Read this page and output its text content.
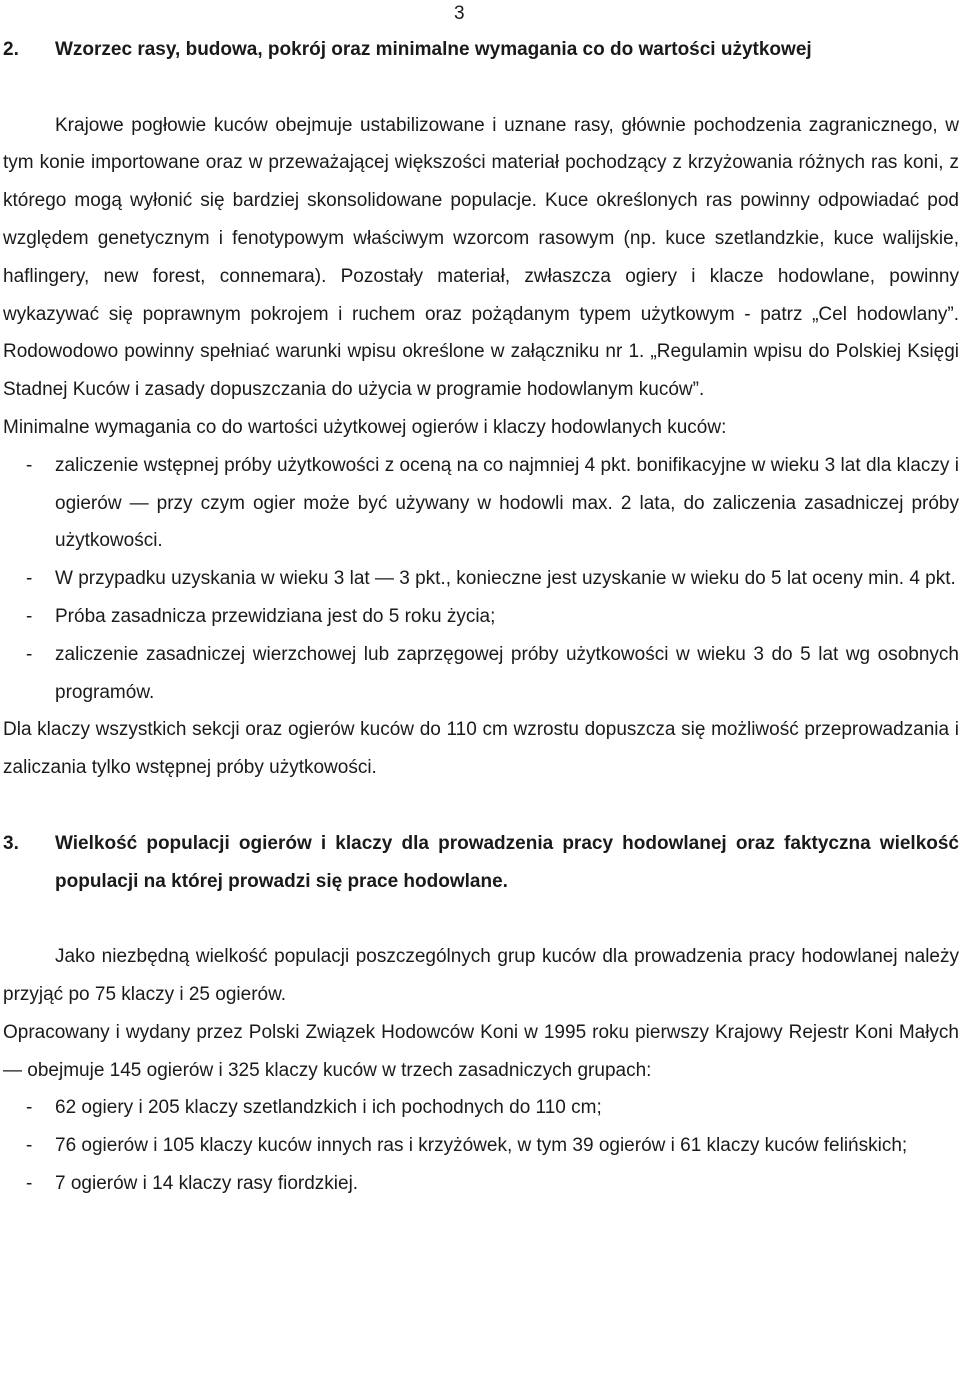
3
2.	Wzorzec rasy, budowa, pokrój oraz minimalne wymagania co do wartości użytkowej

Krajowe pogłowie kuców obejmuje ustabilizowane i uznane rasy, głównie pochodzenia zagranicznego, w tym konie importowane oraz w przeważającej większości materiał pochodzący z krzyżowania różnych ras koni, z którego mogą wyłonić się bardziej skonsolidowane populacje. Kuce określonych ras powinny odpowiadać pod względem genetycznym i fenotypowym właściwym wzorcom rasowym (np. kuce szetlandzkie, kuce walijskie, haflingery, new forest, connemara). Pozostały materiał, zwłaszcza ogiery i klacze hodowlane, powinny wykazywać się poprawnym pokrojem i ruchem oraz pożądanym typem użytkowym - patrz „Cel hodowlany”. Rodowodowo powinny spełniać warunki wpisu określone w załączniku nr 1. „Regulamin wpisu do Polskiej Księgi Stadnej Kuców i zasady dopuszczania do użycia w programie hodowlanym kuców”.

Minimalne wymagania co do wartości użytkowej ogierów i klaczy hodowlanych kuców:

-	zaliczenie wstępnej próby użytkowości z oceną na co najmniej 4 pkt. bonifikacyjne w wieku 3 lat dla klaczy i ogierów — przy czym ogier może być używany w hodowli max. 2 lata, do zaliczenia zasadniczej próby użytkowości.
-	W przypadku uzyskania w wieku 3 lat — 3 pkt., konieczne jest uzyskanie w wieku do 5 lat oceny min. 4 pkt.
-	Próba zasadnicza przewidziana jest do 5 roku życia;
-	zaliczenie zasadniczej wierzchowej lub zaprzęgowej próby użytkowości w wieku 3 do 5 lat wg osobnych programów.

Dla klaczy wszystkich sekcji oraz ogierów kuców do 110 cm wzrostu dopuszcza się możliwość przeprowadzania i zaliczania tylko wstępnej próby użytkowości.

3.	Wielkość populacji ogierów i klaczy dla prowadzenia pracy hodowlanej oraz faktyczna wielkość populacji na której prowadzi się prace hodowlane.

Jako niezbędną wielkość populacji poszczególnych grup kuców dla prowadzenia pracy hodowlanej należy przyjąć po 75 klaczy i 25 ogierów.

Opracowany i wydany przez Polski Związek Hodowców Koni w 1995 roku pierwszy Krajowy Rejestr Koni Małych — obejmuje 145 ogierów i 325 klaczy kuców w trzech zasadniczych grupach:

-	62 ogiery i 205 klaczy szetlandzkich i ich pochodnych do 110 cm;
-	76 ogierów i 105 klaczy kuców innych ras i krzyżówek, w tym 39 ogierów i 61 klaczy kuców felińskich;
-	7 ogierów i 14 klaczy rasy fiordzkiej.
